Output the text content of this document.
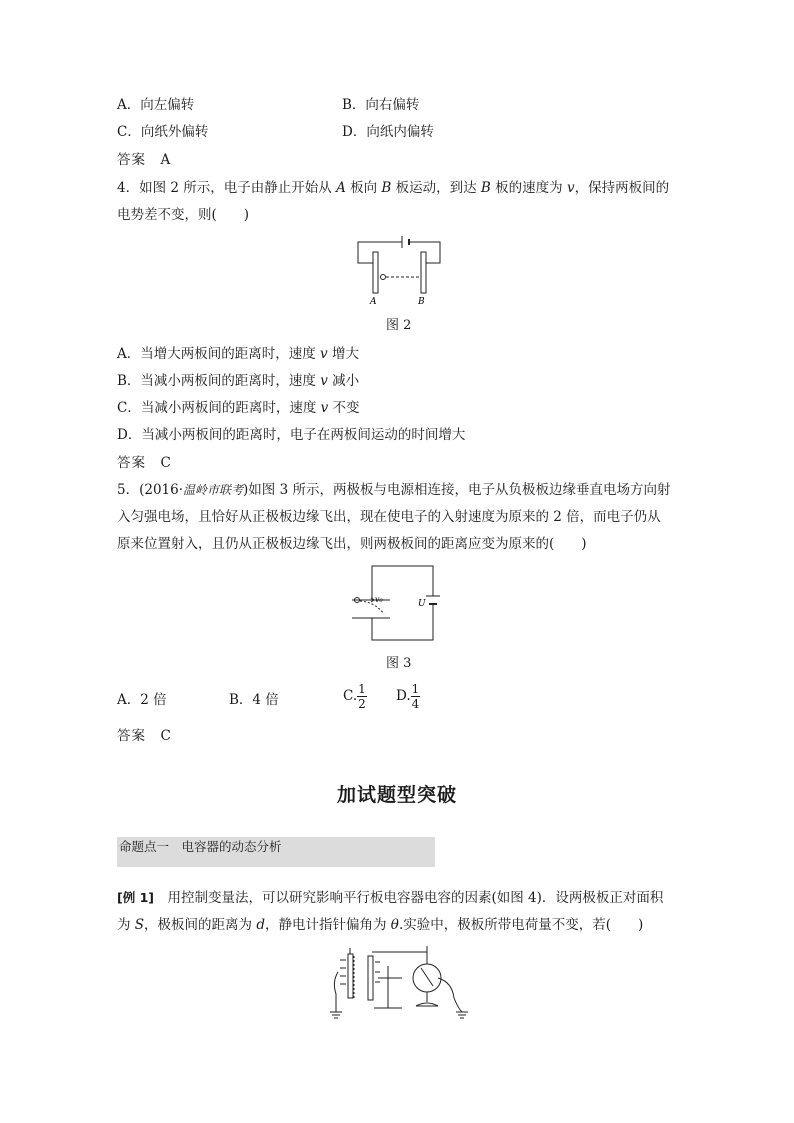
A．向左偏转	B．向右偏转
C．向纸外偏转	D．向纸内偏转
答案　 A
4．如图 2 所示，电子由静止开始从 A 板向 B 板运动，到达 B 板的速度为 v，保持两板间的
电势差不变，则(　　)
A	B
图 2
A．当增大两板间的距离时，速度 v 增大
B．当减小两板间的距离时，速度 v 减小
C．当减小两板间的距离时，速度 v 不变
D．当减小两板间的距离时，电子在两板间运动的时间增大
答案　 C
5．(2016·温岭市联考)如图 3 所示，两极板与电源相连接，电子从负极板边缘垂直电场方向射
入匀强电场，且恰好从正极板边缘飞出，现在使电子的入射速度为原来的 2 倍，而电子仍从
原来位置射入，且仍从正极板边缘飞出，则两极板间的距离应变为原来的(　　)
v₀	U
图 3
A．2 倍	B．4 倍	C. $\frac{1}{2} D$. $\frac{1}{4}$
答案　 C
加试题型突破
命题点一　 电容器的动态分析
[例 1]　用控制变量法，可以研究影响平行板电容器电容的因素(如图 4)．设两极板正对面积
为 S，极板间的距离为 d，静电计指针偏角为 θ.实验中，极板所带电荷量不变，若(　　)
